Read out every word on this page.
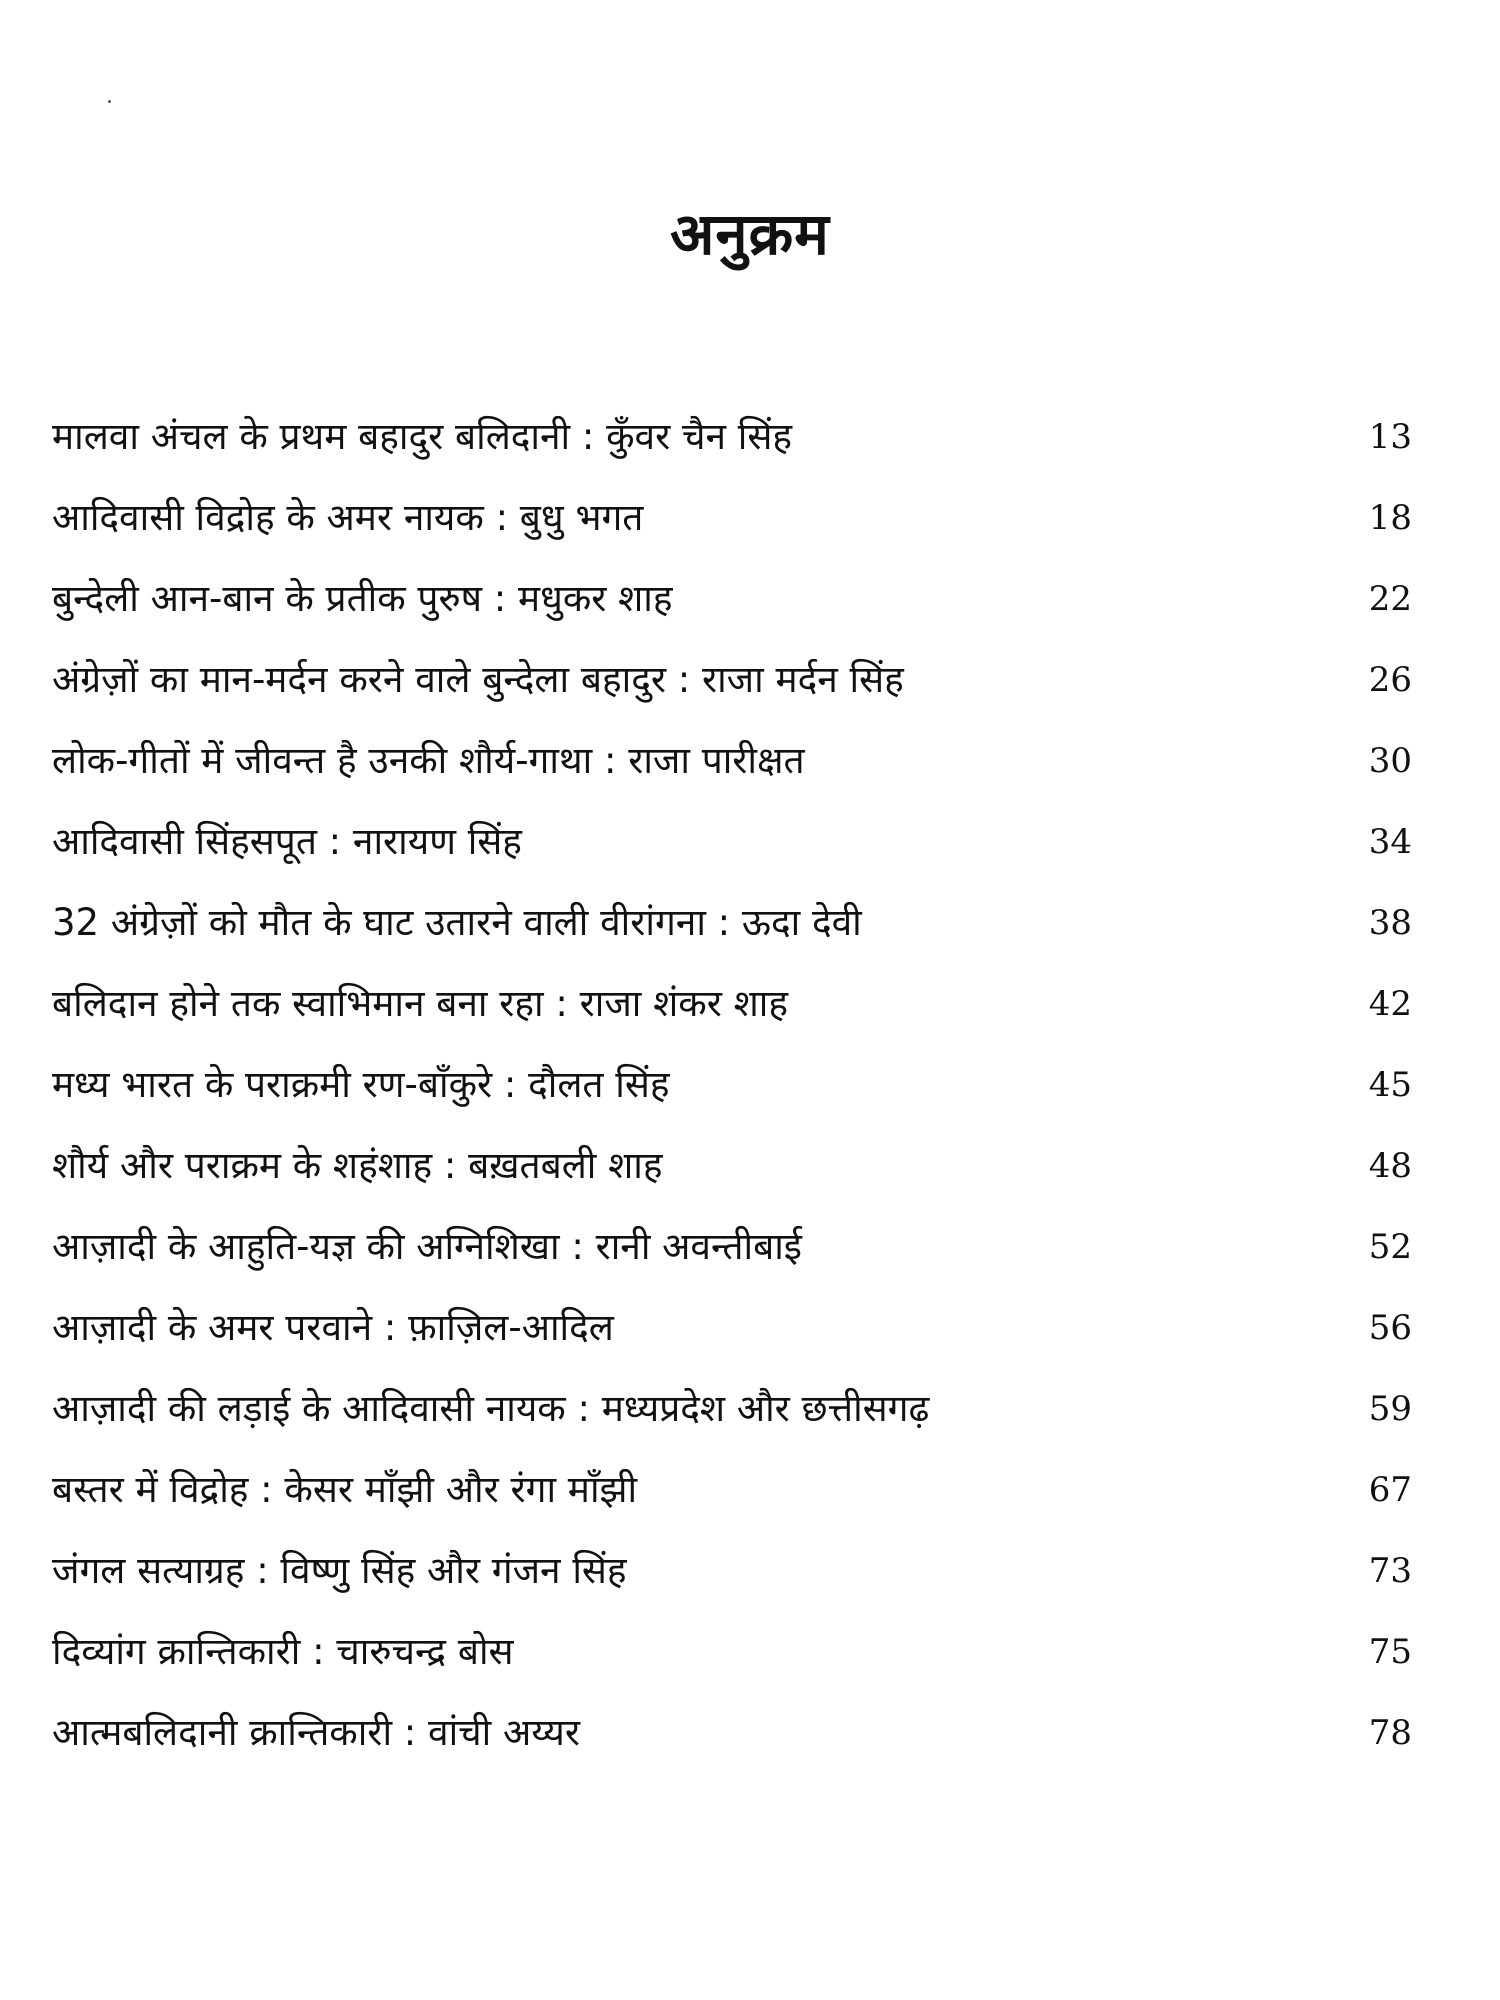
अनुक्रम
मालवा अंचल के प्रथम बहादुर बलिदानी : कुँवर चैन सिंह	13
आदिवासी विद्रोह के अमर नायक : बुधु भगत	18
बुन्देली आन-बान के प्रतीक पुरुष : मधुकर शाह	22
अंग्रेज़ों का मान-मर्दन करने वाले बुन्देला बहादुर : राजा मर्दन सिंह	26
लोक-गीतों में जीवन्त है उनकी शौर्य-गाथा : राजा पारीक्षत	30
आदिवासी सिंहसपूत : नारायण सिंह	34
32 अंग्रेज़ों को मौत के घाट उतारने वाली वीरांगना : ऊदा देवी	38
बलिदान होने तक स्वाभिमान बना रहा : राजा शंकर शाह	42
मध्य भारत के पराक्रमी रण-बाँकुरे : दौलत सिंह	45
शौर्य और पराक्रम के शहंशाह : बख़तबली शाह	48
आज़ादी के आहुति-यज्ञ की अग्निशिखा : रानी अवन्तीबाई	52
आज़ादी के अमर परवाने : फ़ाज़िल-आदिल	56
आज़ादी की लड़ाई के आदिवासी नायक : मध्यप्रदेश और छत्तीसगढ़	59
बस्तर में विद्रोह : केसर माँझी और रंगा माँझी	67
जंगल सत्याग्रह : विष्णु सिंह और गंजन सिंह	73
दिव्यांग क्रान्तिकारी : चारुचन्द्र बोस	75
आत्मबलिदानी क्रान्तिकारी : वांची अय्यर	78
